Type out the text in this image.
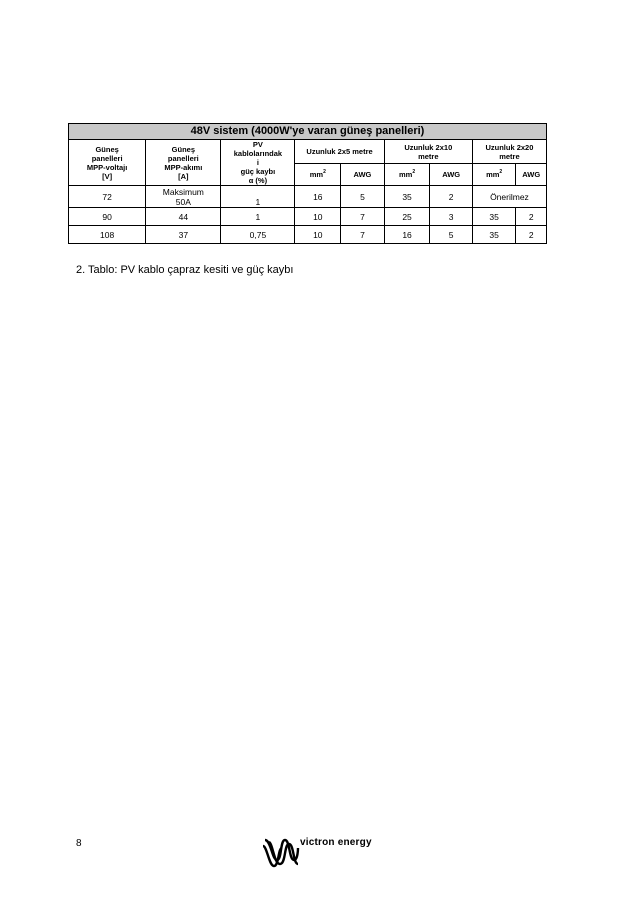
48V sistem (4000W'ye varan güneş panelleri)								
Güneş
panelleri
MPP-voltajı
[V]	Güneş
panelleri
MPP-akımı
[A]	PV
kablolarındak
i
güç kaybı
α (%)	Uzunluk 2x5 metre		Uzunluk 2x10
metre		Uzunluk 2x20
metre	
			$mm^2$	AWG	$mm^2$	AWG	$mm^2$	AWG
72	Maksimum
50A	1	16	5	35	2	Önerilmez	
90	44	1	10	7	25	3	35	2
108	37	0,75	10	7	16	5	35	2
2. Tablo: PV kablo çapraz kesiti ve güç kaybı
8	victron energy
